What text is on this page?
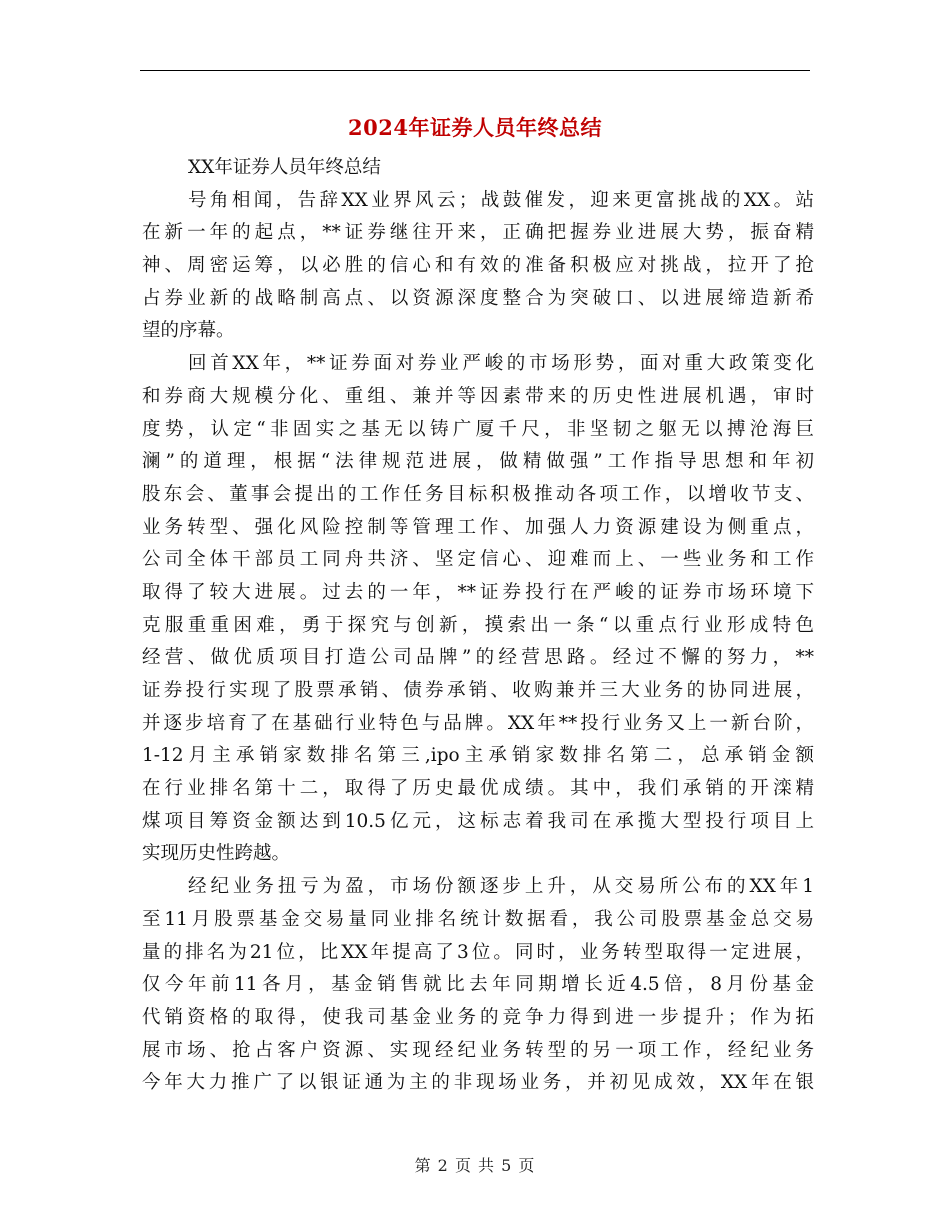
2024年证券人员年终总结
XX年证券人员年终总结
号角相闻，告辞XX业界风云；战鼓催发，迎来更富挑战的XX。站
在新一年的起点，**证券继往开来，正确把握券业进展大势，振奋精
神、周密运筹，以必胜的信心和有效的准备积极应对挑战，拉开了抢
占券业新的战略制高点、以资源深度整合为突破口、以进展缔造新希
望的序幕。
回首XX年，**证券面对券业严峻的市场形势，面对重大政策变化
和券商大规模分化、重组、兼并等因素带来的历史性进展机遇，审时
度势，认定“非固实之基无以铸广厦千尺，非坚韧之躯无以搏沧海巨
澜”的道理，根据“法律规范进展，做精做强”工作指导思想和年初
股东会、董事会提出的工作任务目标积极推动各项工作，以增收节支、
业务转型、强化风险控制等管理工作、加强人力资源建设为侧重点，
公司全体干部员工同舟共济、坚定信心、迎难而上、一些业务和工作
取得了较大进展。过去的一年，**证券投行在严峻的证券市场环境下
克服重重困难，勇于探究与创新，摸索出一条“以重点行业形成特色
经营、做优质项目打造公司品牌”的经营思路。经过不懈的努力，**
证券投行实现了股票承销、债券承销、收购兼并三大业务的协同进展，
并逐步培育了在基础行业特色与品牌。XX年**投行业务又上一新台阶，
1-12月主承销家数排名第三,ipo主承销家数排名第二，总承销金额
在行业排名第十二，取得了历史最优成绩。其中，我们承销的开滦精
煤项目筹资金额达到10.5亿元，这标志着我司在承揽大型投行项目上
实现历史性跨越。
经纪业务扭亏为盈，市场份额逐步上升，从交易所公布的XX年1
至11月股票基金交易量同业排名统计数据看，我公司股票基金总交易
量的排名为21位，比XX年提高了3位。同时，业务转型取得一定进展，
仅今年前11各月，基金销售就比去年同期增长近4.5倍，8月份基金
代销资格的取得，使我司基金业务的竞争力得到进一步提升；作为拓
展市场、抢占客户资源、实现经纪业务转型的另一项工作，经纪业务
今年大力推广了以银证通为主的非现场业务，并初见成效，XX年在银
第 2 页 共 5 页
